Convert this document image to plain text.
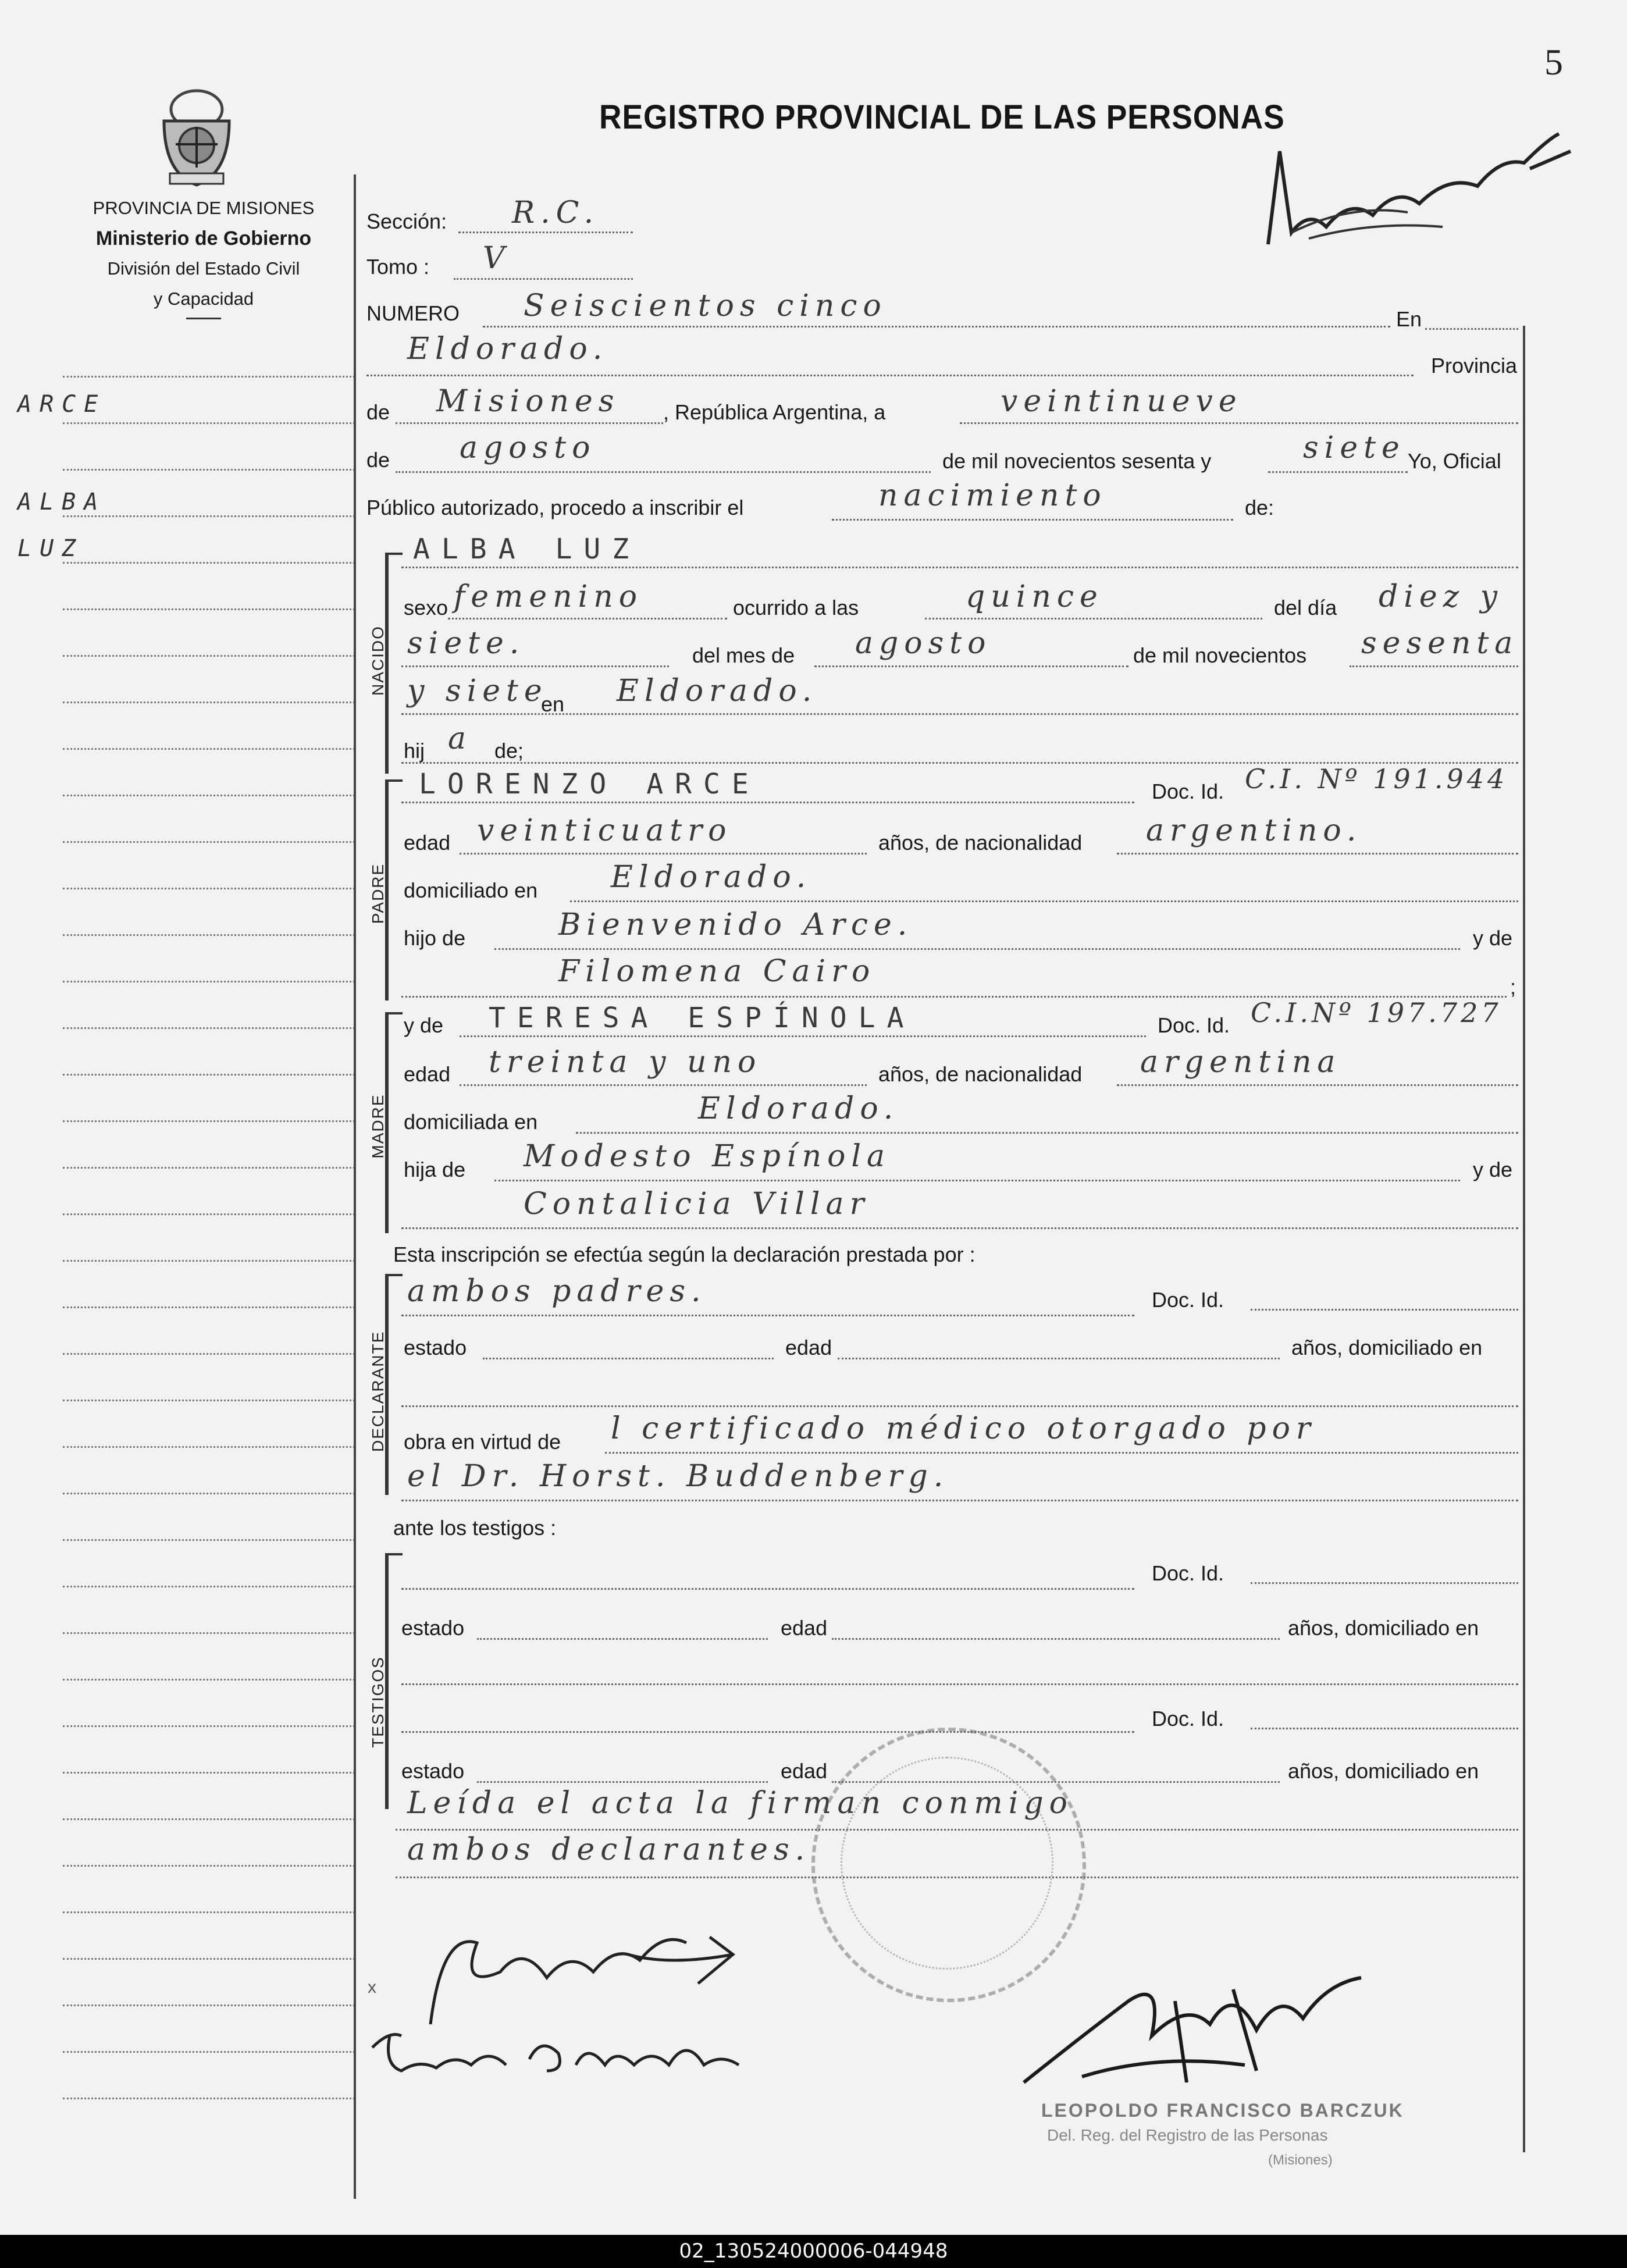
5
PROVINCIA DE MISIONES
Ministerio de Gobierno
División del Estado Civil
y Capacidad
REGISTRO PROVINCIAL DE LAS PERSONAS
ARCE
ALBA
LUZ
Sección: R.C.
Tomo : V
NUMERO Seiscientos cinco	En
Eldorado.	Provincia
de Misiones , República Argentina, a	veintinueve
de agosto	de mil novecientos sesenta y	siete Yo, Oficial
Público autorizado, procedo a inscribir el	nacimiento	de:
NACIDO
ALBA LUZ
sexo femenino	ocurrido a las	quince	del día diez y
siete.	del mes de agosto	de mil novecientos sesenta
y siete
en Eldorado.
hij a de;
PADRE
LORENZO ARCE	Doc. Id. C.I. Nº 191.944
edad veinticuatro	años, de nacionalidad argentino.
domiciliado en Eldorado.
hijo de	Bienvenido Arce.	y de
Filomena Cairo	;
MADRE
y de TERESA ESPÍNOLA	Doc. Id. C.I.Nº 197.727
edad treinta y uno	años, de nacionalidad argentina
domiciliada en	Eldorado.
hija de Modesto Espínola	y de
Contalicia Villar
Esta inscripción se efectúa según la declaración prestada por :
DECLARANTE
ambos padres.	Doc. Id.
estado	edad	años, domiciliado en
obra en virtud de l certificado médico otorgado por
el Dr. Horst. Buddenberg.
ante los testigos :
TESTIGOS
Doc. Id.
estado	edad	años, domiciliado en
Doc. Id.
estado	edad	años, domiciliado en
Leída el acta la firman conmigo
ambos declarantes.
x
LEOPOLDO FRANCISCO BARCZUK
Del. Reg. del Registro de las Personas
(Misiones)
02_130524000006-044948
